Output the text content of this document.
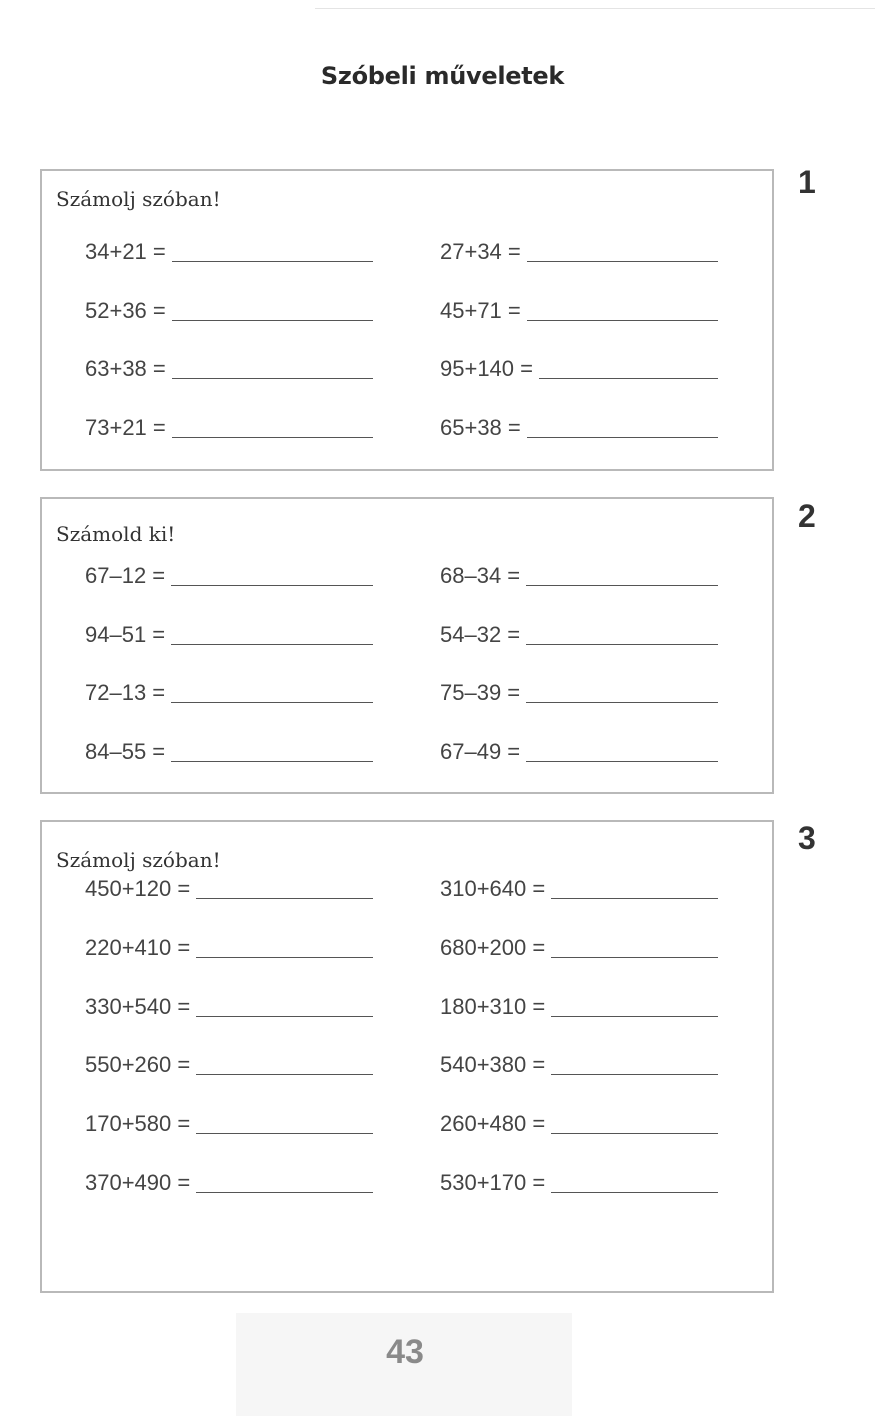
Szóbeli műveletek
Számolj szóban!
34+21 =	27+34 =
52+36 =	45+71 =
63+38 =	95+140 =
73+21 =	65+38 =
1
Számold ki!
67–12 =	68–34 =
94–51 =	54–32 =
72–13 =	75–39 =
84–55 =	67–49 =
2
Számolj szóban!
450+120 =	310+640 =
220+410 =	680+200 =
330+540 =	180+310 =
550+260 =	540+380 =
170+580 =	260+480 =
370+490 =	530+170 =
3
43
